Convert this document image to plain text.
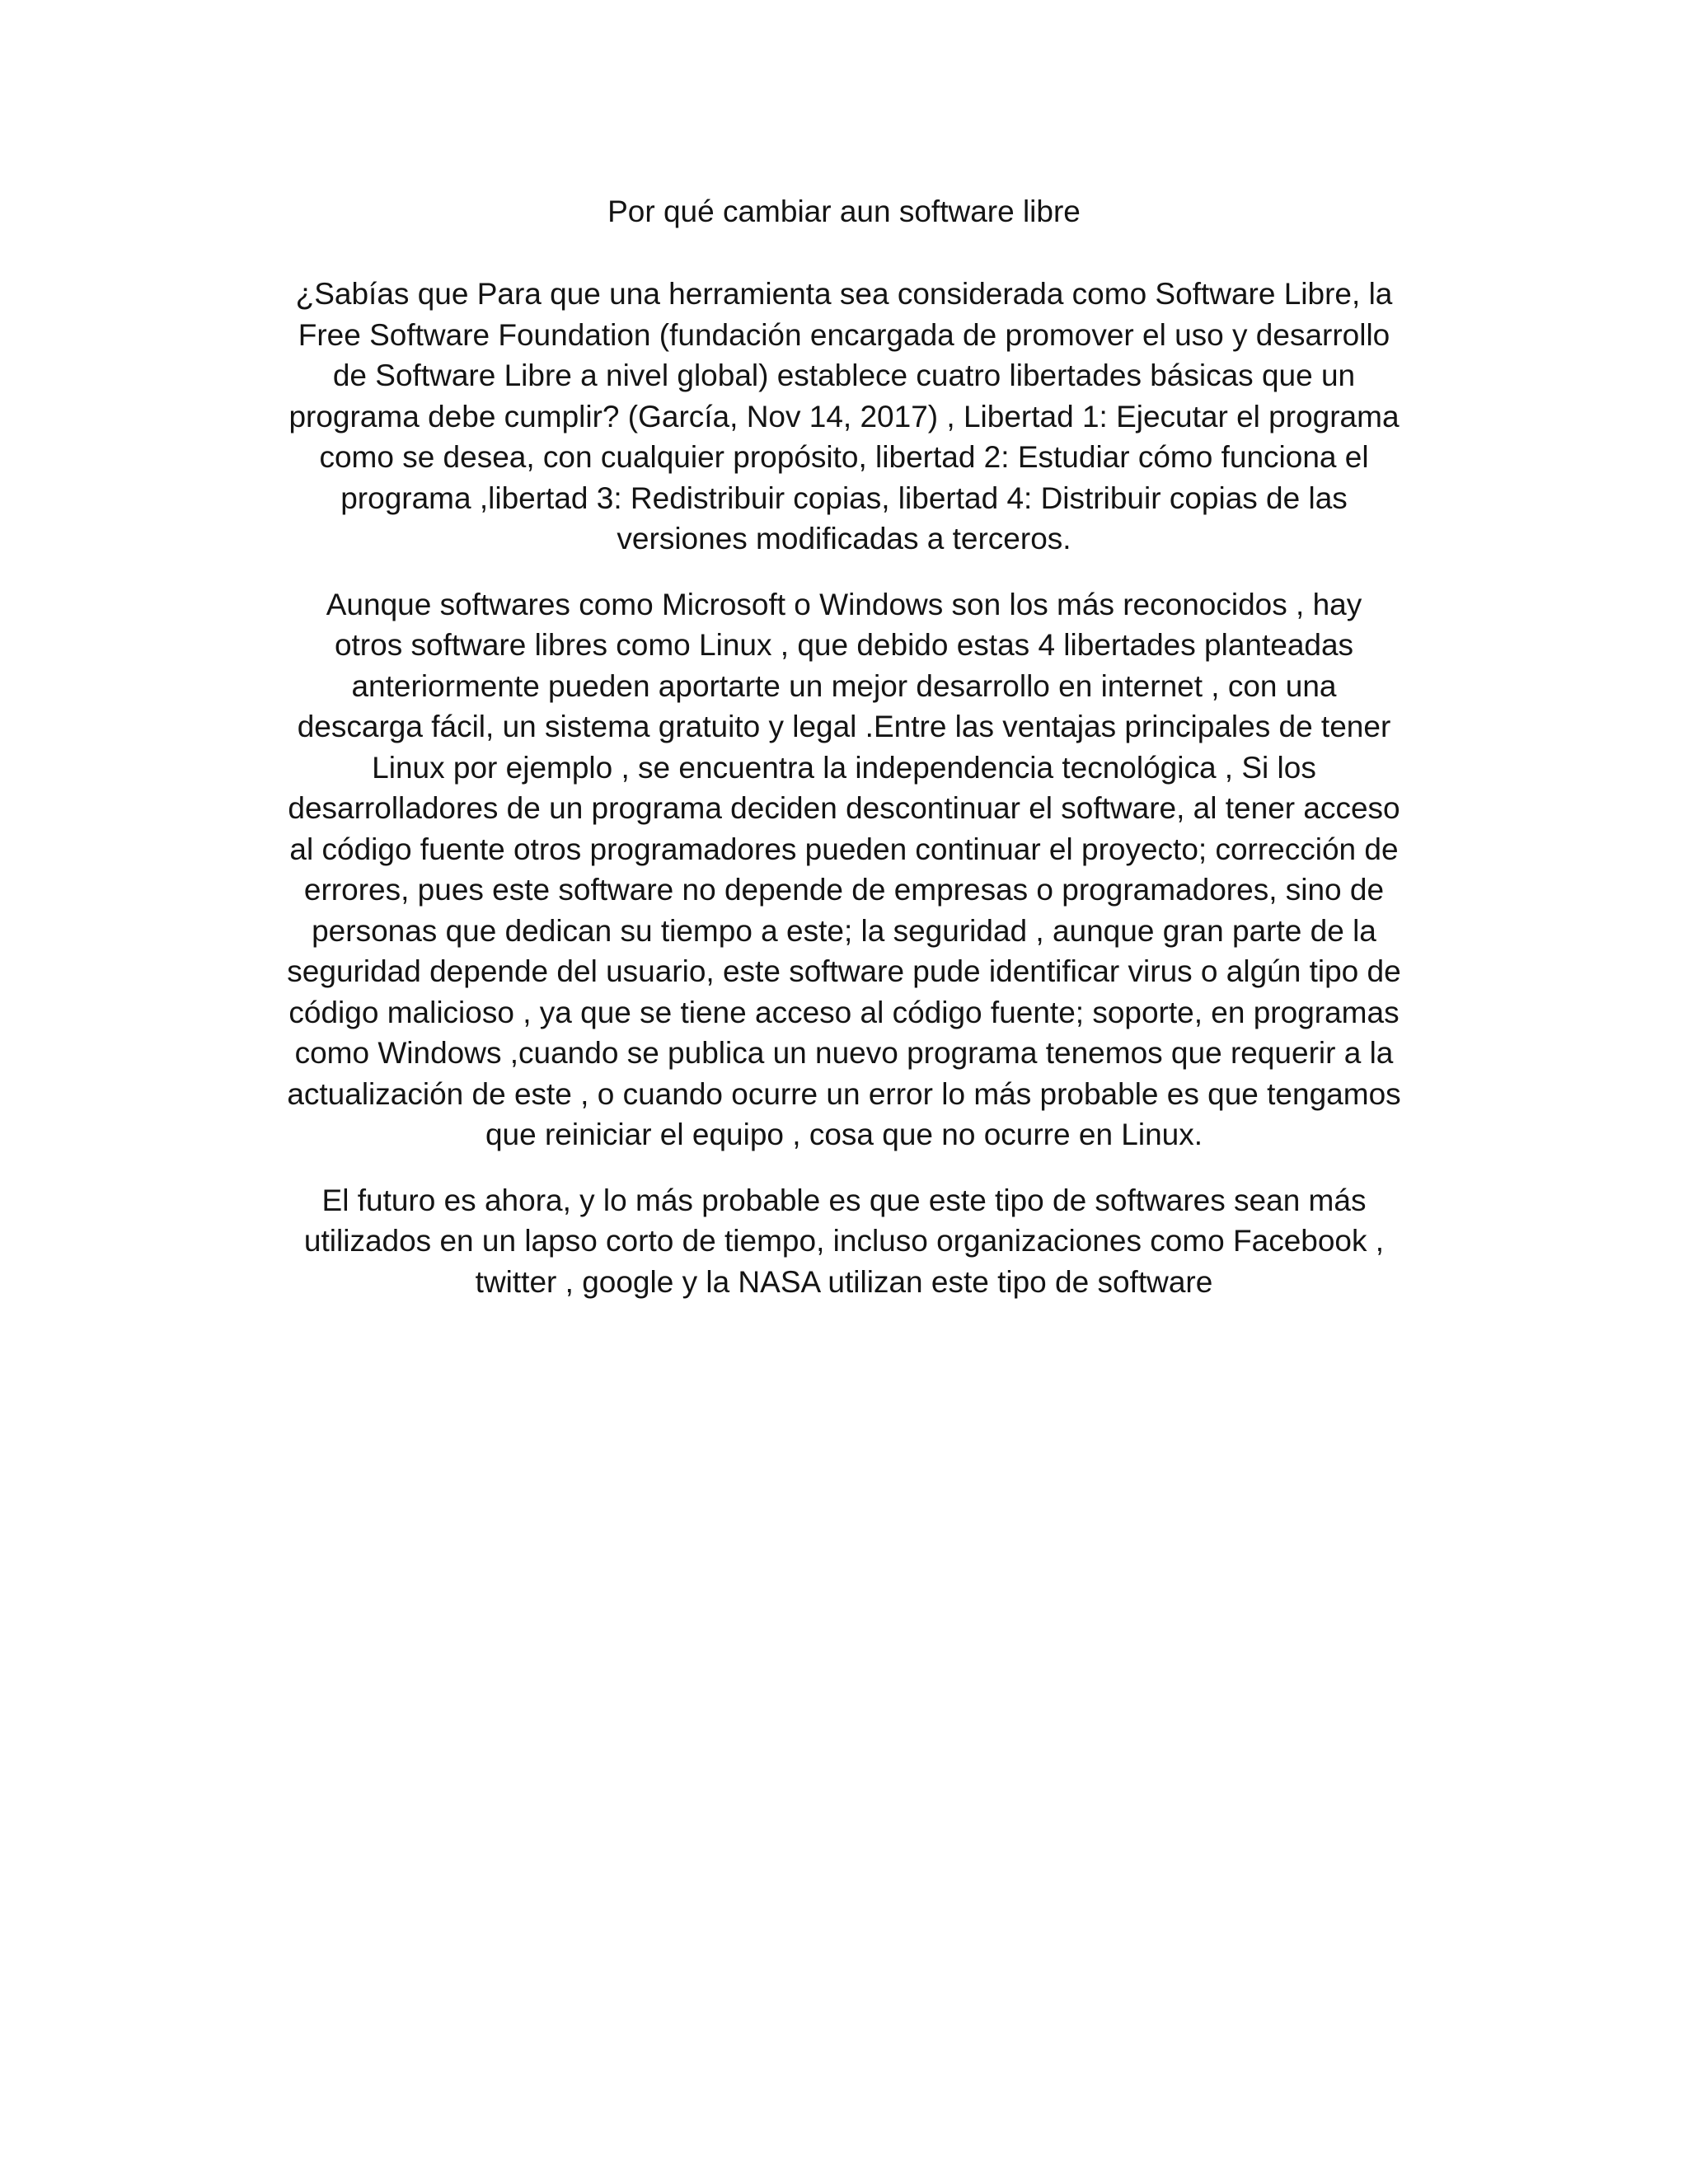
Por qué cambiar aun software libre
¿Sabías que Para que una herramienta sea considerada como Software Libre, la
Free Software Foundation (fundación encargada de promover el uso y desarrollo
de Software Libre a nivel global) establece cuatro libertades básicas que un
programa debe cumplir? (García, Nov 14, 2017) , Libertad 1: Ejecutar el programa
como se desea, con cualquier propósito, libertad 2: Estudiar cómo funciona el
programa ,libertad 3: Redistribuir copias, libertad 4: Distribuir copias de las
versiones modificadas a terceros.
Aunque softwares como Microsoft o Windows son los más reconocidos , hay
otros software libres como Linux , que debido estas 4 libertades planteadas
anteriormente pueden aportarte un mejor desarrollo en internet , con una
descarga fácil, un sistema gratuito y legal .Entre las ventajas principales de tener
Linux por ejemplo , se encuentra la independencia tecnológica , Si los
desarrolladores de un programa deciden descontinuar el software, al tener acceso
al código fuente otros programadores pueden continuar el proyecto; corrección de
errores, pues este software no depende de empresas o programadores, sino de
personas que dedican su tiempo a este; la seguridad , aunque gran parte de la
seguridad depende del usuario, este software pude identificar virus o algún tipo de
código malicioso , ya que se tiene acceso al código fuente; soporte, en programas
como Windows ,cuando se publica un nuevo programa tenemos que requerir a la
actualización de este , o cuando ocurre un error lo más probable es que tengamos
que reiniciar el equipo , cosa que no ocurre en Linux.
El futuro es ahora, y lo más probable es que este tipo de softwares sean más
utilizados en un lapso corto de tiempo, incluso organizaciones como Facebook ,
twitter , google y la NASA utilizan este tipo de software
